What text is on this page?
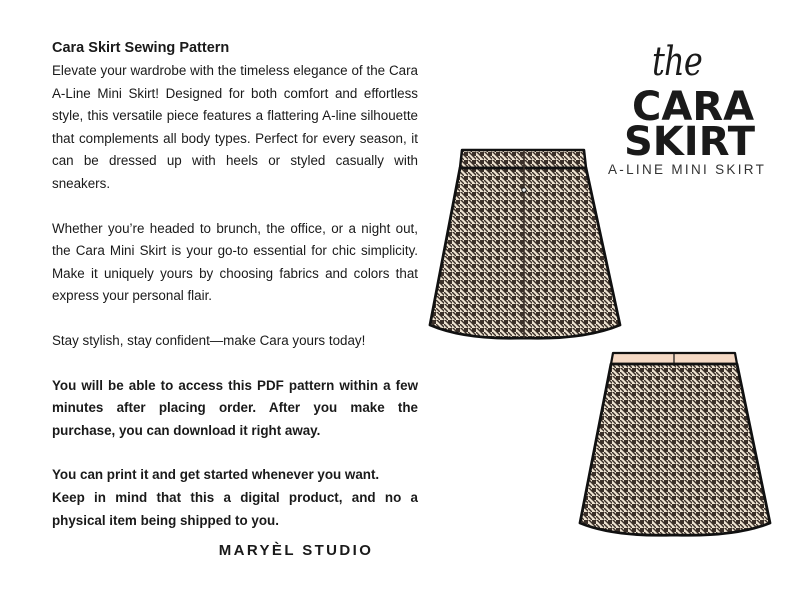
Cara Skirt Sewing Pattern

Elevate your wardrobe with the timeless elegance of the Cara A-Line Mini Skirt! Designed for both comfort and effortless style, this versatile piece features a flattering A-line silhouette that complements all body types. Perfect for every season, it can be dressed up with heels or styled casually with sneakers.

Whether you’re headed to brunch, the office, or a night out, the Cara Mini Skirt is your go-to essential for chic simplicity. Make it uniquely yours by choosing fabrics and colors that express your personal flair.

Stay stylish, stay confident—make Cara yours today!

You will be able to access this PDF pattern within a few minutes after placing order. After you make the purchase, you can download it right away.

You can print it and get started whenever you want.

Keep in mind that this a digital product, and no a physical item being shipped to you.

MARYÈL STUDIO
the
CARA
SKIRT
A-LINE MINI SKIRT
